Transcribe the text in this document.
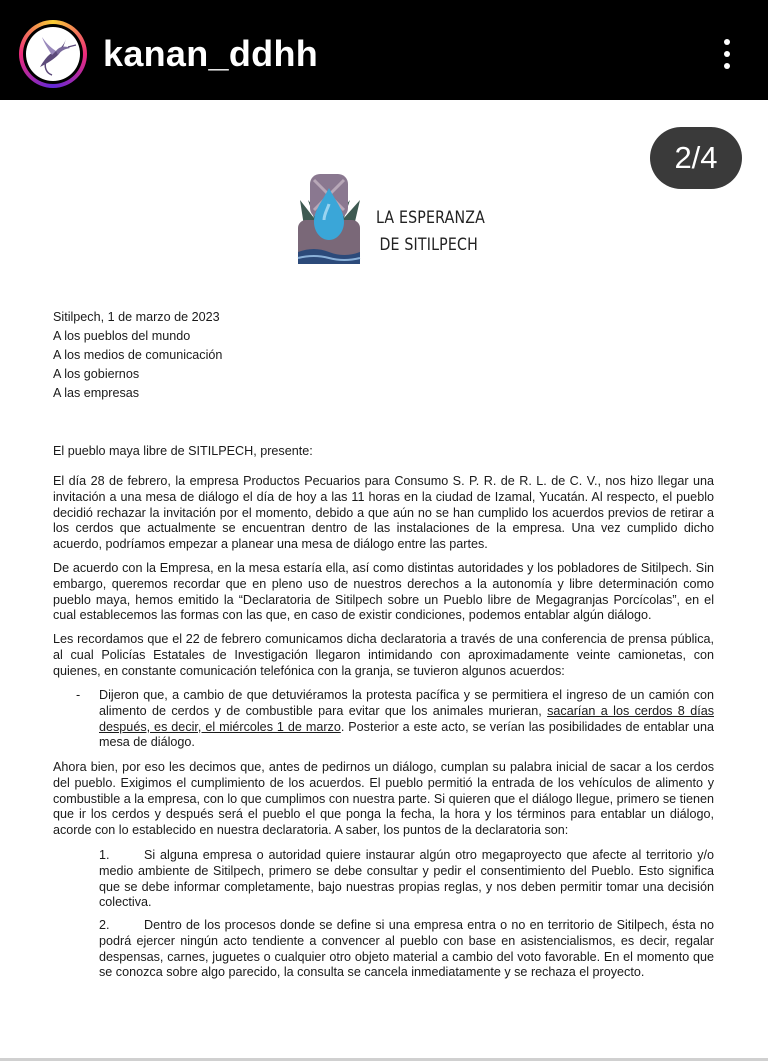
kanan_ddhh
2/4
LA ESPERANZA
DE SITILPECH
Sitilpech, 1 de marzo de 2023
A los pueblos del mundo
A los medios de comunicación
A los gobiernos
A las empresas

El pueblo maya libre de SITILPECH, presente:

El día 28 de febrero, la empresa Productos Pecuarios para Consumo S. P. R. de R. L. de C. V., nos hizo llegar una invitación a una mesa de diálogo el día de hoy a las 11 horas en la ciudad de Izamal, Yucatán. Al respecto, el pueblo decidió rechazar la invitación por el momento, debido a que aún no se han cumplido los acuerdos previos de retirar a los cerdos que actualmente se encuentran dentro de las instalaciones de la empresa. Una vez cumplido dicho acuerdo, podríamos empezar a planear una mesa de diálogo entre las partes.

De acuerdo con la Empresa, en la mesa estaría ella, así como distintas autoridades y los pobladores de Sitilpech. Sin embargo, queremos recordar que en pleno uso de nuestros derechos a la autonomía y libre determinación como pueblo maya, hemos emitido la “Declaratoria de Sitilpech sobre un Pueblo libre de Megagranjas Porcícolas”, en el cual establecemos las formas con las que, en caso de existir condiciones, podemos entablar algún diálogo.

Les recordamos que el 22 de febrero comunicamos dicha declaratoria a través de una conferencia de prensa pública, al cual Policías Estatales de Investigación llegaron intimidando con aproximadamente veinte camionetas, con quienes, en constante comunicación telefónica con la granja, se tuvieron algunos acuerdos:

- Dijeron que, a cambio de que detuviéramos la protesta pacífica y se permitiera el ingreso de un camión con alimento de cerdos y de combustible para evitar que los animales murieran, sacarían a los cerdos 8 días después, es decir, el miércoles 1 de marzo. Posterior a este acto, se verían las posibilidades de entablar una mesa de diálogo.

Ahora bien, por eso les decimos que, antes de pedirnos un diálogo, cumplan su palabra inicial de sacar a los cerdos del pueblo. Exigimos el cumplimiento de los acuerdos. El pueblo permitió la entrada de los vehículos de alimento y combustible a la empresa, con lo que cumplimos con nuestra parte. Si quieren que el diálogo llegue, primero se tienen que ir los cerdos y después será el pueblo el que ponga la fecha, la hora y los términos para entablar un diálogo, acorde con lo establecido en nuestra declaratoria. A saber, los puntos de la declaratoria son:

1.	Si alguna empresa o autoridad quiere instaurar algún otro megaproyecto que afecte al territorio y/o medio ambiente de Sitilpech, primero se debe consultar y pedir el consentimiento del Pueblo. Esto significa que se debe informar completamente, bajo nuestras propias reglas, y nos deben permitir tomar una decisión colectiva.

2.	Dentro de los procesos donde se define si una empresa entra o no en territorio de Sitilpech, ésta no podrá ejercer ningún acto tendiente a convencer al pueblo con base en asistencialismos, es decir, regalar despensas, carnes, juguetes o cualquier otro objeto material a cambio del voto favorable. En el momento que se conozca sobre algo parecido, la consulta se cancela inmediatamente y se rechaza el proyecto.
